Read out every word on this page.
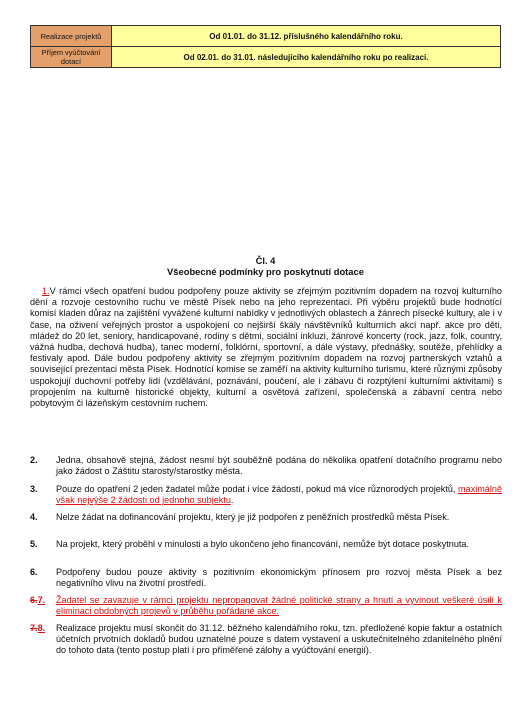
Realizace projektů	Od 01.01. do 31.12. příslušného kalendářního roku.
Příjem vyúčtování dotací	Od 02.01. do 31.01. následujícího kalendářního roku po realizaci.
Čl. 4
Všeobecné podmínky pro poskytnutí dotace
1.V rámci všech opatření budou podpořeny pouze aktivity se zřejmým pozitivním dopadem na rozvoj kulturního dění a rozvoje cestovního ruchu ve městě Písek nebo na jeho reprezentaci. Při výběru projektů bude hodnotící komisí kladen důraz na zajištění vyvážené kulturní nabídky v jednotlivých oblastech a žánrech písecké kultury, ale i v čase, na oživení veřejných prostor a uspokojení co nejširší škály návštěvníků kulturních akcí např. akce pro děti, mládež do 20 let, seniory, handicapované, rodiny s dětmi, sociální inkluzi, žánrové koncerty (rock, jazz, folk, country, vážná hudba, dechová hudba), tanec moderní, folklórní, sportovní, a dále výstavy, přednášky, soutěže, přehlídky a festivaly apod. Dále budou podpořeny aktivity se zřejmým pozitivním dopadem na rozvoj partnerských vztahů a související prezentaci města Písek. Hodnotící komise se zaměří na aktivity kulturního turismu, které různými způsoby uspokojují duchovní potřeby lidí (vzdělávání, poznávání, poučení, ale i zábavu či rozptýlení kulturními aktivitami) s propojením na kulturně historické objekty, kulturní a osvětová zařízení, společenská a zábavní centra nebo pobytovým či lázeňským cestovním ruchem.
2.	Jedna, obsahově stejná, žádost nesmí být souběžně podána do několika opatření dotačního programu nebo jako žádost o Záštitu starosty/starostky města.
3.	Pouze do opatření 2 jeden žadatel může podat i více žádostí, pokud má více různorodých projektů, maximálně však nejvýše 2 žádosti od jednoho subjektu.
4.	Nelze žádat na dofinancování projektu, který je již podpořen z peněžních prostředků města Písek.
5.	Na projekt, který proběhl v minulosti a bylo ukončeno jeho financování, nemůže být dotace poskytnuta.
6.	Podpořeny budou pouze aktivity s pozitivním ekonomickým přínosem pro rozvoj města Písek a bez negativního vlivu na životní prostředí.
6.7.	Žadatel se zavazuje v rámci projektu nepropagovat žádné politické strany a hnutí a vyvinout veškeré úsilí k eliminaci obdobných projevů v průběhu pořádané akce.
7.8.	Realizace projektu musí skončit do 31.12. běžného kalendářního roku, tzn. předložené kopie faktur a ostatních účetních prvotních dokladů budou uznatelné pouze s datem vystavení a uskutečnitelného zdanitelného plnění do tohoto data (tento postup platí i pro přiměřené zálohy a vyúčtování energií).
